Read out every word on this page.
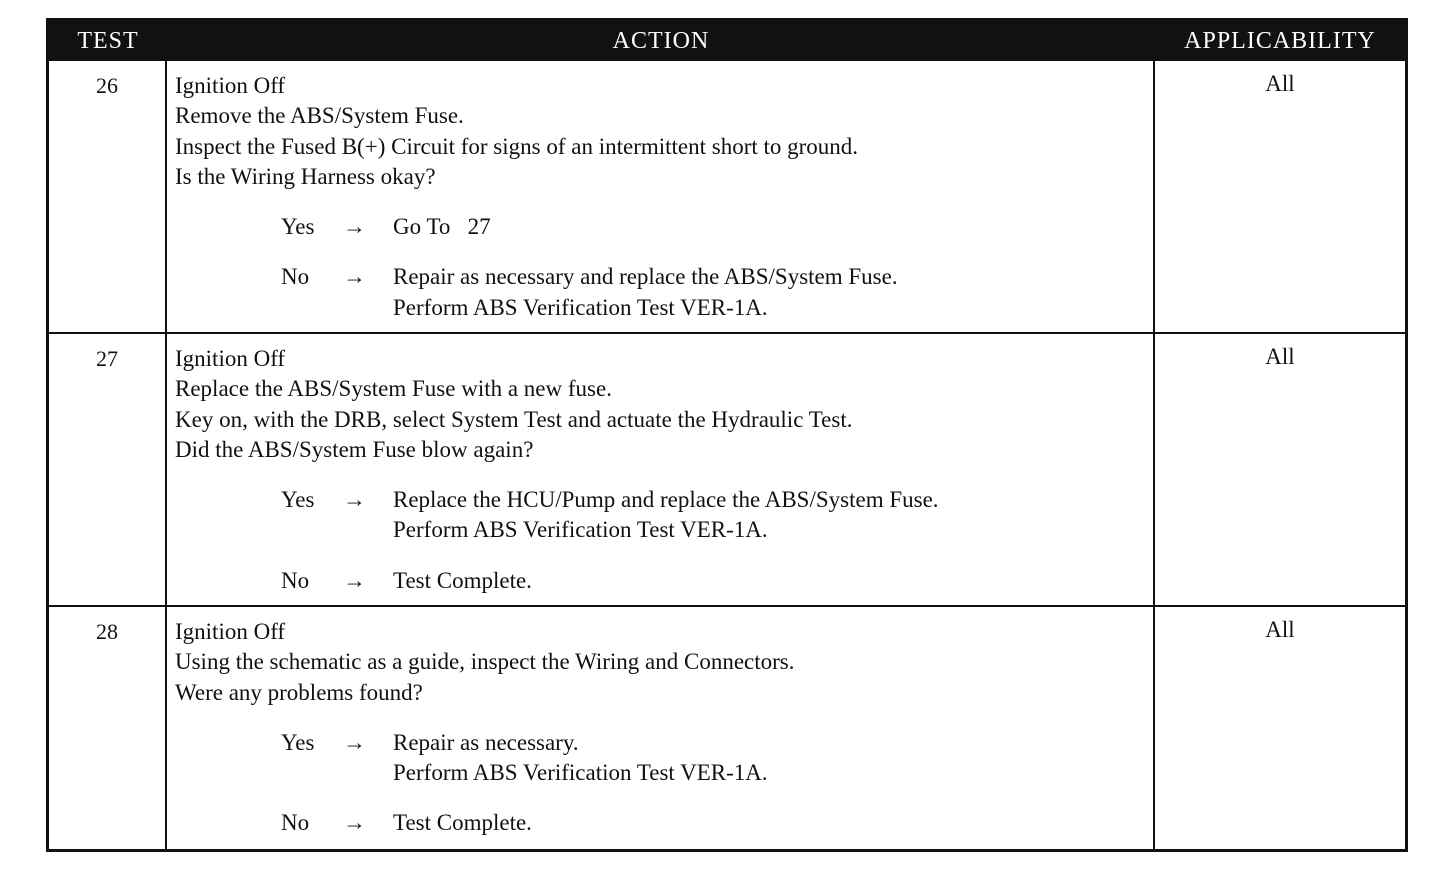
TEST	ACTION	APPLICABILITY
26	Ignition Off
Remove the ABS/System Fuse.
Inspect the Fused B(+) Circuit for signs of an intermittent short to ground.
Is the Wiring Harness okay?
Yes	→	Go To   27
No	→	Repair as necessary and replace the ABS/System Fuse.
Perform ABS Verification Test VER-1A.
All
27	Ignition Off
Replace the ABS/System Fuse with a new fuse.
Key on, with the DRB, select System Test and actuate the Hydraulic Test.
Did the ABS/System Fuse blow again?
Yes	→	Replace the HCU/Pump and replace the ABS/System Fuse.
Perform ABS Verification Test VER-1A.
No	→	Test Complete.
All
28	Ignition Off
Using the schematic as a guide, inspect the Wiring and Connectors.
Were any problems found?
Yes	→	Repair as necessary.
Perform ABS Verification Test VER-1A.
No	→	Test Complete.
All
